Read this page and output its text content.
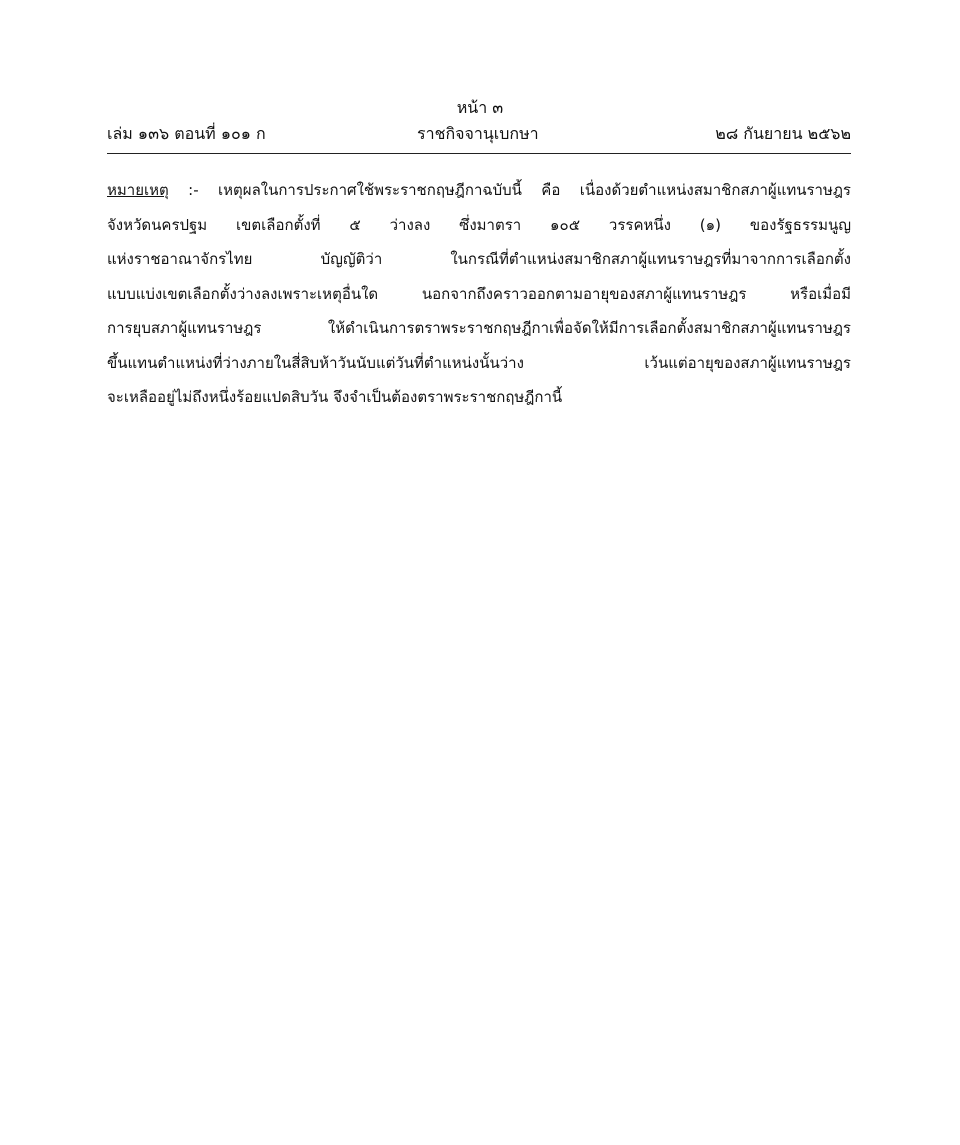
หน้า ๓
เล่ม ๑๓๖ ตอนที่ ๑๐๑ ก	ราชกิจจานุเบกษา	๒๘ กันยายน ๒๕๖๒
หมายเหตุ :- เหตุผลในการประกาศใช้พระราชกฤษฎีกาฉบับนี้ คือ เนื่องด้วยตำแหน่งสมาชิกสภาผู้แทนราษฎร
จังหวัดนครปฐม เขตเลือกตั้งที่ ๕ ว่างลง ซึ่งมาตรา ๑๐๕ วรรคหนึ่ง (๑) ของรัฐธรรมนูญ
แห่งราชอาณาจักรไทย บัญญัติว่า ในกรณีที่ตำแหน่งสมาชิกสภาผู้แทนราษฎรที่มาจากการเลือกตั้ง
แบบแบ่งเขตเลือกตั้งว่างลงเพราะเหตุอื่นใด นอกจากถึงคราวออกตามอายุของสภาผู้แทนราษฎร หรือเมื่อมี
การยุบสภาผู้แทนราษฎร ให้ดำเนินการตราพระราชกฤษฎีกาเพื่อจัดให้มีการเลือกตั้งสมาชิกสภาผู้แทนราษฎร
ขึ้นแทนตำแหน่งที่ว่างภายในสี่สิบห้าวันนับแต่วันที่ตำแหน่งนั้นว่าง เว้นแต่อายุของสภาผู้แทนราษฎร
จะเหลืออยู่ไม่ถึงหนึ่งร้อยแปดสิบวัน จึงจำเป็นต้องตราพระราชกฤษฎีกานี้
